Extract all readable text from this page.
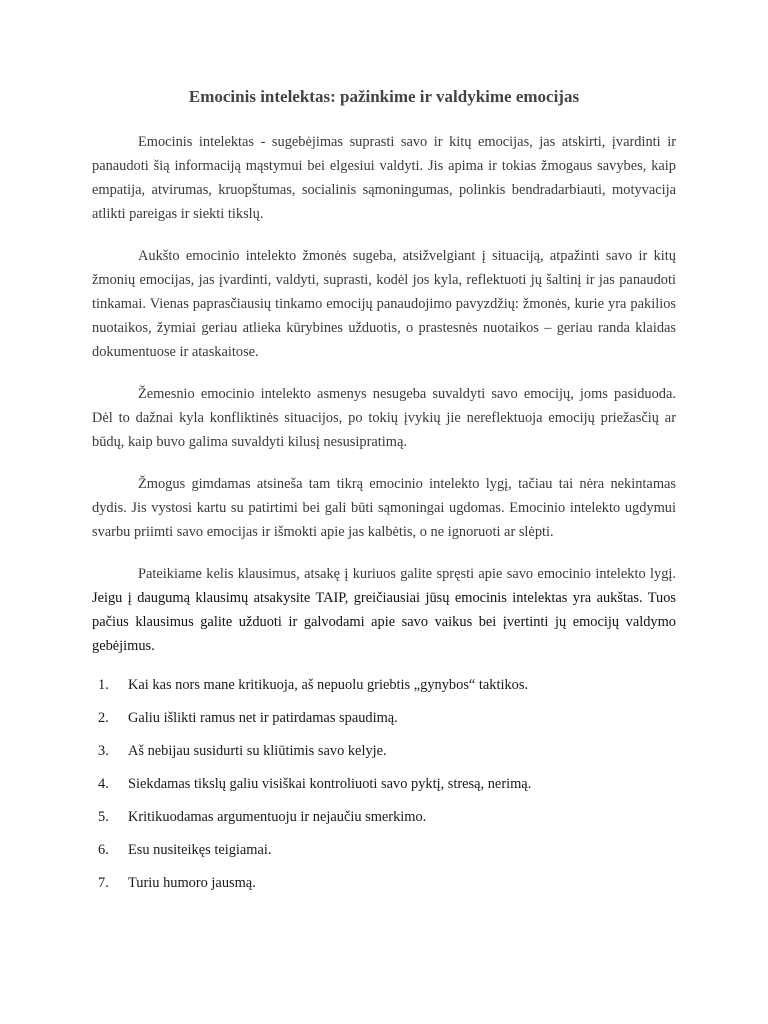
Emocinis intelektas: pažinkime ir valdykime emocijas

Emocinis intelektas - sugebėjimas suprasti savo ir kitų emocijas, jas atskirti, įvardinti ir panaudoti šią informaciją mąstymui bei elgesiui valdyti. Jis apima ir tokias žmogaus savybes, kaip empatija, atvirumas, kruopštumas, socialinis sąmoningumas, polinkis bendradarbiauti, motyvacija atlikti pareigas ir siekti tikslų.

Aukšto emocinio intelekto žmonės sugeba, atsižvelgiant į situaciją, atpažinti savo ir kitų žmonių emocijas, jas įvardinti, valdyti, suprasti, kodėl jos kyla, reflektuoti jų šaltinį ir jas panaudoti tinkamai. Vienas paprasčiausių tinkamo emocijų panaudojimo pavyzdžių: žmonės, kurie yra pakilios nuotaikos, žymiai geriau atlieka kūrybines užduotis, o prastesnės nuotaikos – geriau randa klaidas dokumentuose ir ataskaitose.

Žemesnio emocinio intelekto asmenys nesugeba suvaldyti savo emocijų, joms pasiduoda. Dėl to dažnai kyla konfliktinės situacijos, po tokių įvykių jie nereflektuoja emocijų priežasčių ar būdų, kaip buvo galima suvaldyti kilusį nesusipratimą.

Žmogus gimdamas atsineša tam tikrą emocinio intelekto lygį, tačiau tai nėra nekintamas dydis. Jis vystosi kartu su patirtimi bei gali būti sąmoningai ugdomas. Emocinio intelekto ugdymui svarbu priimti savo emocijas ir išmokti apie jas kalbėtis, o ne ignoruoti ar slėpti.

Pateikiame kelis klausimus, atsakę į kuriuos galite spręsti apie savo emocinio intelekto lygį. Jeigu į daugumą klausimų atsakysite TAIP, greičiausiai jūsų emocinis intelektas yra aukštas. Tuos pačius klausimus galite užduoti ir galvodami apie savo vaikus bei įvertinti jų emocijų valdymo gebėjimus.

1.	Kai kas nors mane kritikuoja, aš nepuolu griebtis „gynybos“ taktikos.
2.	Galiu išlikti ramus net ir patirdamas spaudimą.
3.	Aš nebijau susidurti su kliūtimis savo kelyje.
4.	Siekdamas tikslų galiu visiškai kontroliuoti savo pyktį, stresą, nerimą.
5.	Kritikuodamas argumentuoju ir nejaučiu smerkimo.
6.	Esu nusiteikęs teigiamai.
7.	Turiu humoro jausmą.
